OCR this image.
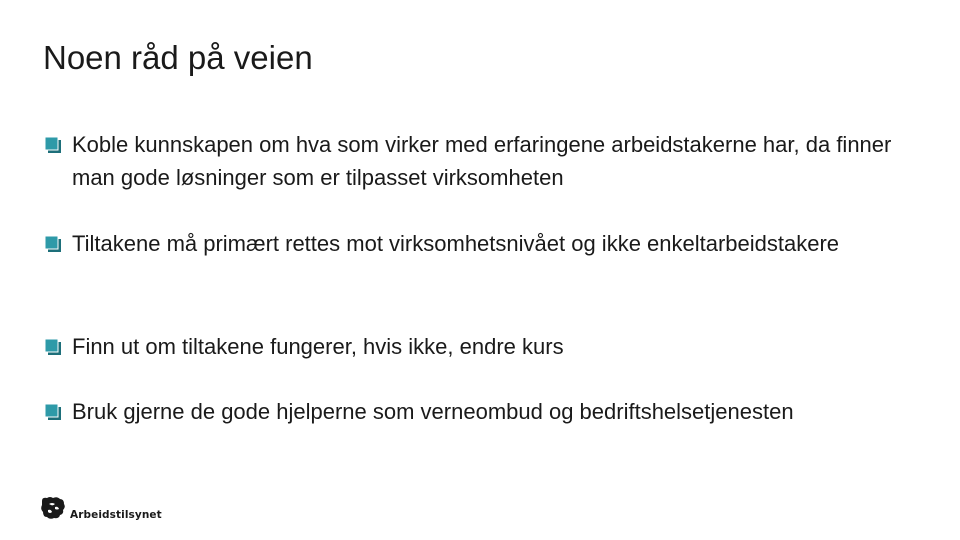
Noen råd på veien
Koble kunnskapen om hva som virker med erfaringene arbeidstakerne har, da finner man gode løsninger som er tilpasset virksomheten
Tiltakene må primært rettes mot virksomhetsnivået og ikke enkeltarbeidstakere
Finn ut om tiltakene fungerer, hvis ikke, endre kurs
Bruk gjerne de gode hjelperne som verneombud og bedriftshelsetjenesten
Arbeidstilsynet
